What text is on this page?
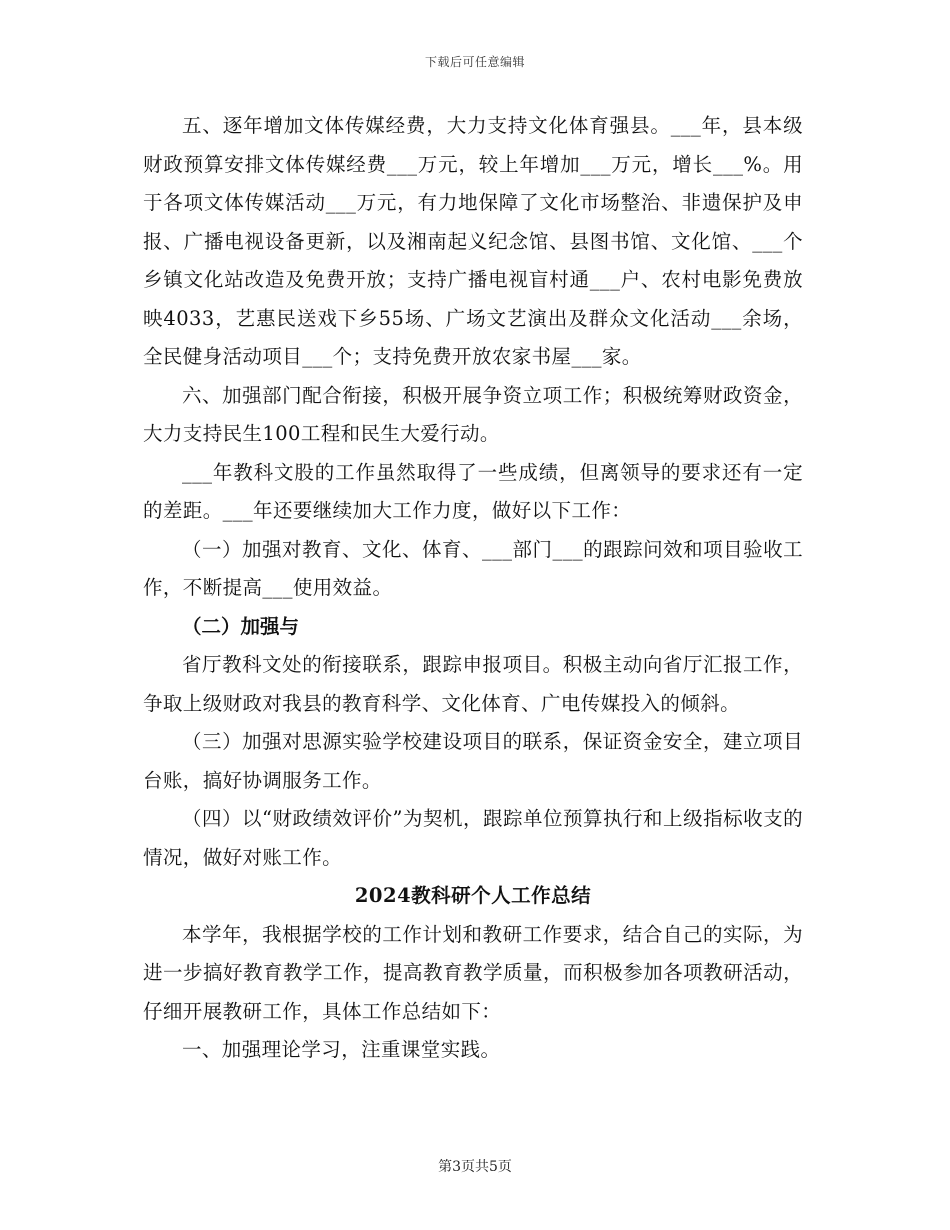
下载后可任意编辑

五、逐年增加文体传媒经费，大力支持文化体育强县。___年，县本级财政预算安排文体传媒经费___万元，较上年增加___万元，增长___%。用于各项文体传媒活动___万元，有力地保障了文化市场整治、非遗保护及申报、广播电视设备更新，以及湘南起义纪念馆、县图书馆、文化馆、___个乡镇文化站改造及免费开放；支持广播电视盲村通___户、农村电影免费放映4033，艺惠民送戏下乡55场、广场文艺演出及群众文化活动___余场，全民健身活动项目___个；支持免费开放农家书屋___家。

六、加强部门配合衔接，积极开展争资立项工作；积极统筹财政资金，大力支持民生100工程和民生大爱行动。

___年教科文股的工作虽然取得了一些成绩，但离领导的要求还有一定的差距。___年还要继续加大工作力度，做好以下工作：

（一）加强对教育、文化、体育、___部门___的跟踪问效和项目验收工作，不断提高___使用效益。

（二）加强与

省厅教科文处的衔接联系，跟踪申报项目。积极主动向省厅汇报工作，争取上级财政对我县的教育科学、文化体育、广电传媒投入的倾斜。

（三）加强对思源实验学校建设项目的联系，保证资金安全，建立项目台账，搞好协调服务工作。

（四）以“财政绩效评价”为契机，跟踪单位预算执行和上级指标收支的情况，做好对账工作。

2024教科研个人工作总结

本学年，我根据学校的工作计划和教研工作要求，结合自己的实际，为进一步搞好教育教学工作，提高教育教学质量，而积极参加各项教研活动，仔细开展教研工作，具体工作总结如下：

一、加强理论学习，注重课堂实践。

第3页共5页
